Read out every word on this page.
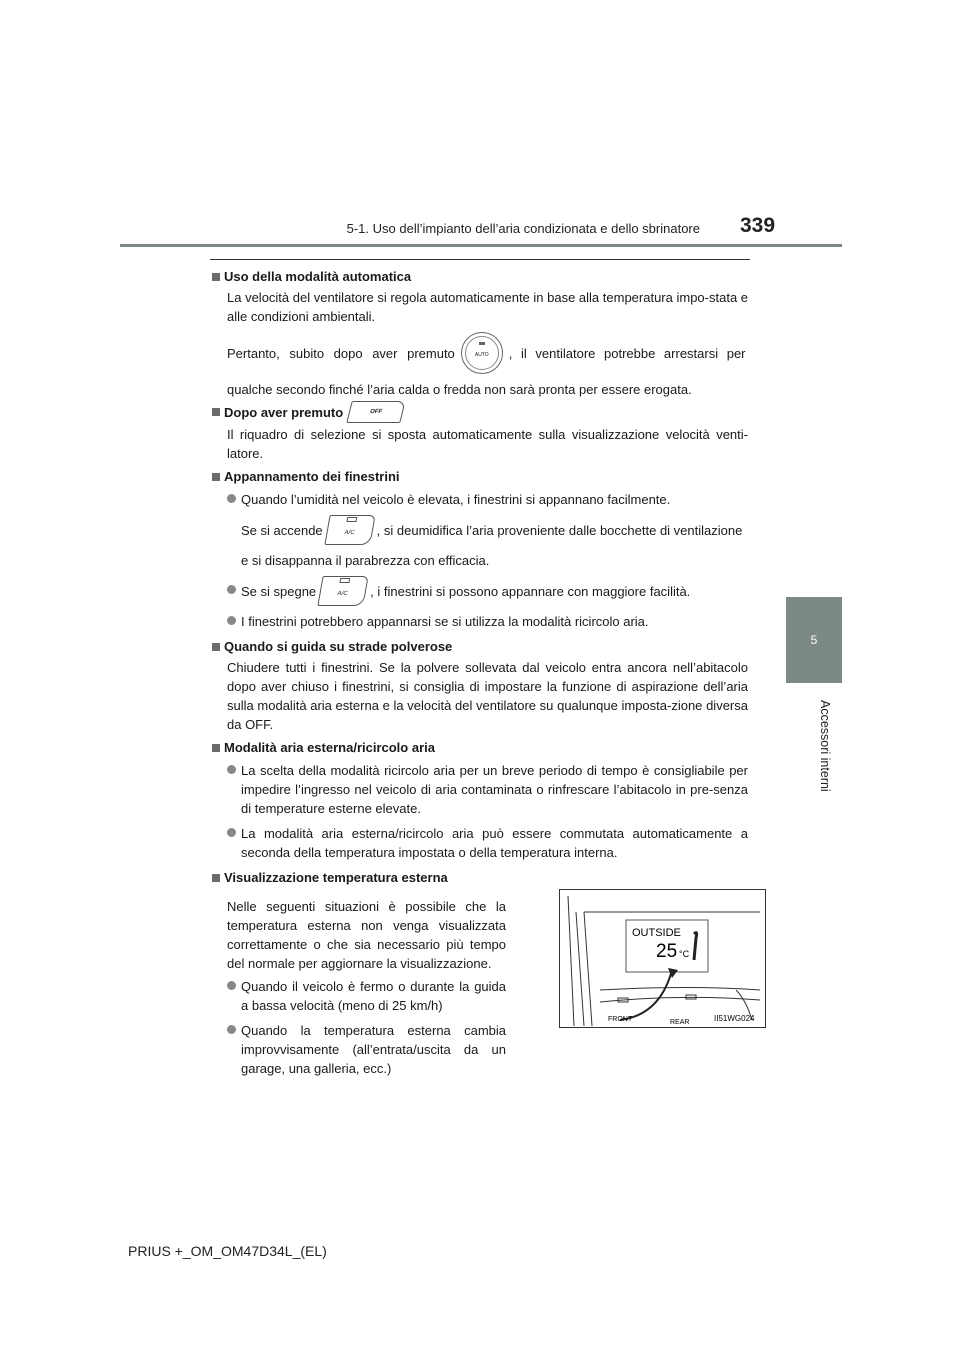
5-1. Uso dell’impianto dell’aria condizionata e dello sbrinatore 339
5
Accessori interni
Uso della modalità automatica
La velocità del ventilatore si regola automaticamente in base alla temperatura impo-stata e alle condizioni ambientali.
Pertanto, subito dopo aver premuto	AUTO , il ventilatore potrebbe arrestarsi per
qualche secondo finché l’aria calda o fredda non sarà pronta per essere erogata.
Dopo aver premuto	OFF
Il riquadro di selezione si sposta automaticamente sulla visualizzazione velocità venti-latore.
Appannamento dei finestrini
Quando l’umidità nel veicolo è elevata, i finestrini si appannano facilmente.
Se si accende	A/C , si deumidifica l’aria proveniente dalle bocchette di ventilazione
e si disappanna il parabrezza con efficacia.
Se si spegne	A/C , i finestrini si possono appannare con maggiore facilità.
I finestrini potrebbero appannarsi se si utilizza la modalità ricircolo aria.
Quando si guida su strade polverose
Chiudere tutti i finestrini. Se la polvere sollevata dal veicolo entra ancora nell’abitacolo dopo aver chiuso i finestrini, si consiglia di impostare la funzione di aspirazione dell’aria sulla modalità aria esterna e la velocità del ventilatore su qualunque imposta-zione diversa da OFF.
Modalità aria esterna/ricircolo aria
La scelta della modalità ricircolo aria per un breve periodo di tempo è consigliabile per impedire l’ingresso nel veicolo di aria contaminata o rinfrescare l’abitacolo in pre-senza di temperature esterne elevate.
La modalità aria esterna/ricircolo aria può essere commutata automaticamente a seconda della temperatura impostata o della temperatura interna.
Visualizzazione temperatura esterna
Nelle seguenti situazioni è possibile che la temperatura esterna non venga visualizzata correttamente o che sia necessario più tempo del normale per aggiornare la visualizzazione.
Quando il veicolo è fermo o durante la guida a bassa velocità (meno di 25 km/h)
Quando la temperatura esterna cambia improvvisamente (all’entrata/uscita da un garage, una galleria, ecc.)
OUTSIDE
25 °C
FRONT	REAR	II51WG024
PRIUS +_OM_OM47D34L_(EL)
